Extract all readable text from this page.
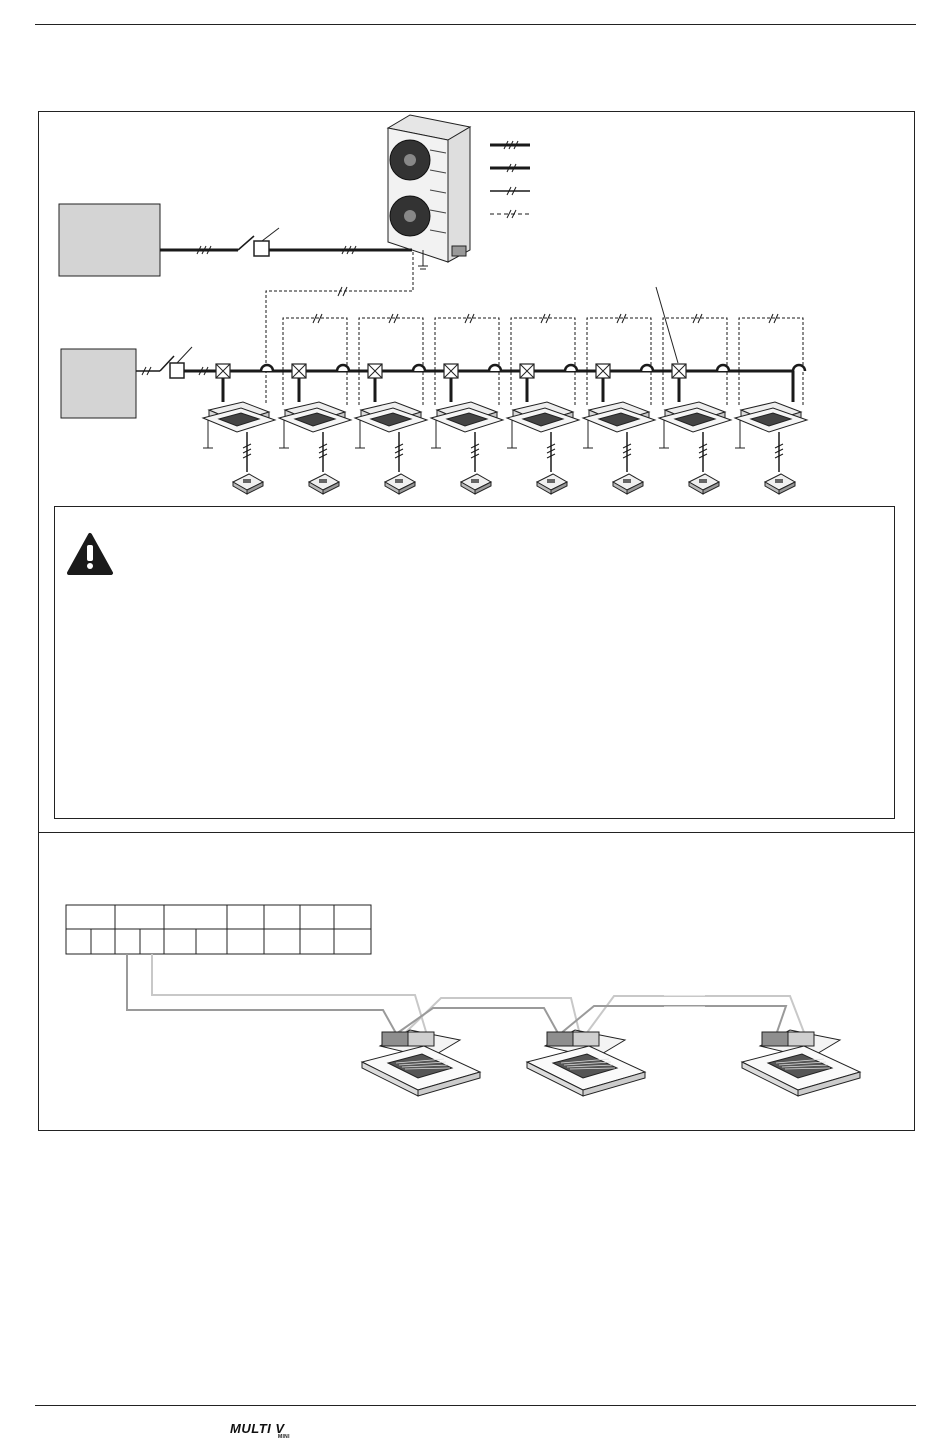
MULTI V
MINI
